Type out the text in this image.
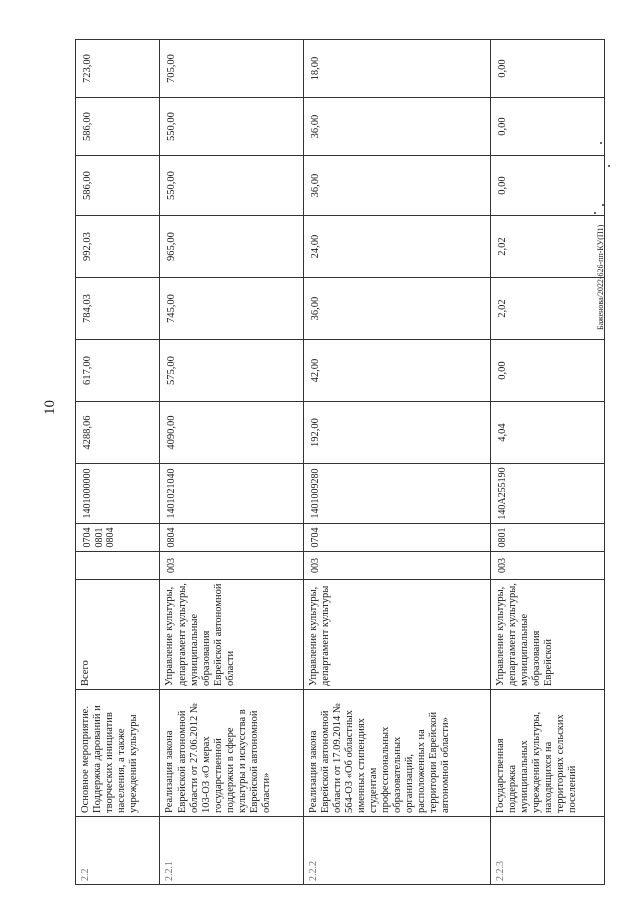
10
Баженова/2022-626-пп-КУ(П1)
2.2	Основное мероприятие. Поддержка дарований и творческих инициатив населения, а также учреждений культуры	Всего		0704 0801 0804	1401000000	4288,06	617,00	784,03	992,03	586,00	586,00	723,00
2.2.1	Реализация закона Еврейской автономной области от 27.06.2012 № 103-ОЗ «О мерах государственной поддержки в сфере культуры и искусства в Еврейской автономной области»	Управление культуры, департамент культуры, муниципальные образования Еврейской автономной области	003	0804	1401021040	4090,00	575,00	745,00	965,00	550,00	550,00	705,00
2.2.2	Реализация закона Еврейской автономной области от 17.09.2014 № 564-ОЗ «Об областных именных стипендиях студентам профессиональных образовательных организаций, расположенных на территории Еврейской автономной области»	Управление культуры, департамент культуры	003	0704	1401009280	192,00	42,00	36,00	24,00	36,00	36,00	18,00
2.2.3	Государственная поддержка муниципальных учреждений культуры, находящихся на территориях сельских поселений	Управление культуры, департамент культуры, муниципальные образования Еврейской	003	0801	140A255190	4,04	0,00	2,02	2,02	0,00	0,00	0,00
